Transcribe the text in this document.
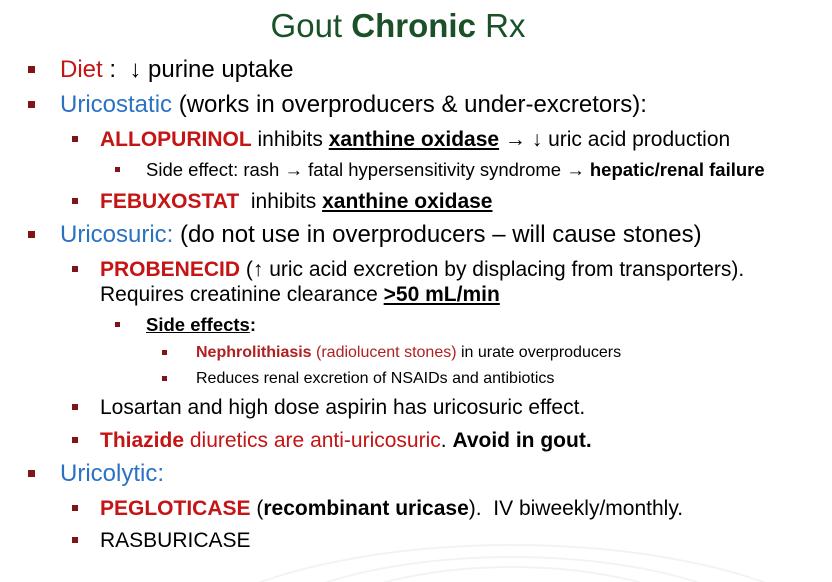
Gout Chronic Rx
Diet :  ↓ purine uptake
Uricostatic (works in overproducers & under-excretors):
ALLOPURINOL inhibits xanthine oxidase → ↓ uric acid production
Side effect: rash → fatal hypersensitivity syndrome → hepatic/renal failure
FEBUXOSTAT  inhibits xanthine oxidase
Uricosuric: (do not use in overproducers – will cause stones)
PROBENECID (↑ uric acid excretion by displacing from transporters).
Requires creatinine clearance >50 mL/min
Side effects:
Nephrolithiasis (radiolucent stones) in urate overproducers
Reduces renal excretion of NSAIDs and antibiotics
Losartan and high dose aspirin has uricosuric effect.
Thiazide diuretics are anti-uricosuric. Avoid in gout.
Uricolytic:
PEGLOTICASE (recombinant uricase).  IV biweekly/monthly.
RASBURICASE
